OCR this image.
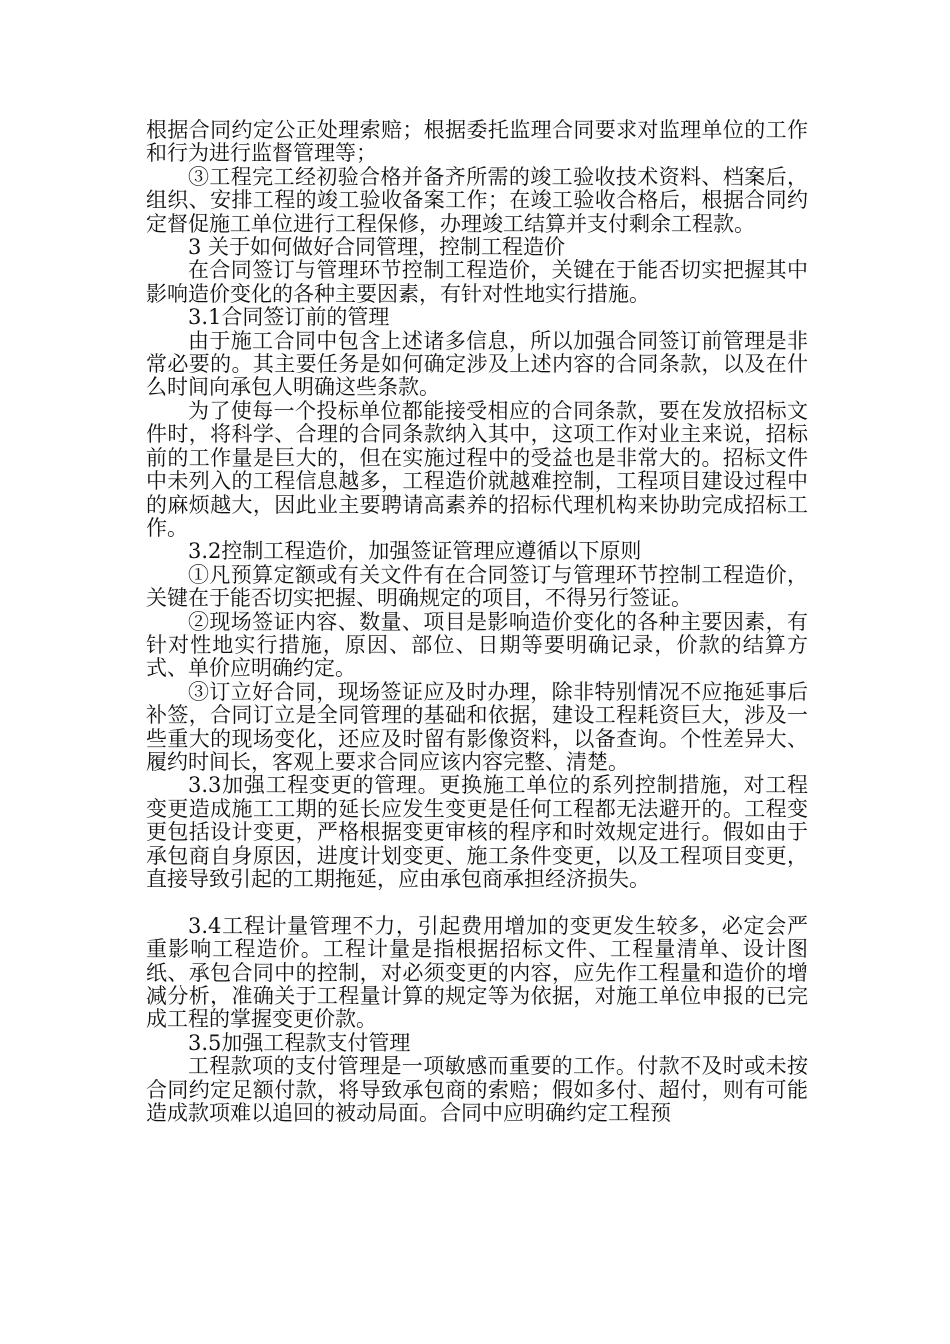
根据合同约定公正处理索赔；根据委托监理合同要求对监理单位的工作和行为进行监督管理等；

③工程完工经初验合格并备齐所需的竣工验收技术资料、档案后，组织、安排工程的竣工验收备案工作；在竣工验收合格后，根据合同约定督促施工单位进行工程保修，办理竣工结算并支付剩余工程款。

3 关于如何做好合同管理，控制工程造价

在合同签订与管理环节控制工程造价，关键在于能否切实把握其中影响造价变化的各种主要因素，有针对性地实行措施。

3.1合同签订前的管理

由于施工合同中包含上述诸多信息，所以加强合同签订前管理是非常必要的。其主要任务是如何确定涉及上述内容的合同条款，以及在什么时间向承包人明确这些条款。

为了使每一个投标单位都能接受相应的合同条款，要在发放招标文件时，将科学、合理的合同条款纳入其中，这项工作对业主来说，招标前的工作量是巨大的，但在实施过程中的受益也是非常大的。招标文件中未列入的工程信息越多，工程造价就越难控制，工程项目建设过程中的麻烦越大，因此业主要聘请高素养的招标代理机构来协助完成招标工作。

3.2控制工程造价，加强签证管理应遵循以下原则

①凡预算定额或有关文件有在合同签订与管理环节控制工程造价，关键在于能否切实把握、明确规定的项目，不得另行签证。

②现场签证内容、数量、项目是影响造价变化的各种主要因素，有针对性地实行措施，原因、部位、日期等要明确记录，价款的结算方式、单价应明确约定。

③订立好合同，现场签证应及时办理，除非特别情况不应拖延事后补签，合同订立是全同管理的基础和依据，建设工程耗资巨大，涉及一些重大的现场变化，还应及时留有影像资料，以备查询。个性差异大、履约时间长，客观上要求合同应该内容完整、清楚。

3.3加强工程变更的管理。更换施工单位的系列控制措施，对工程变更造成施工工期的延长应发生变更是任何工程都无法避开的。工程变更包括设计变更，严格根据变更审核的程序和时效规定进行。假如由于承包商自身原因，进度计划变更、施工条件变更，以及工程项目变更，直接导致引起的工期拖延，应由承包商承担经济损失。

3.4工程计量管理不力，引起费用增加的变更发生较多，必定会严重影响工程造价。工程计量是指根据招标文件、工程量清单、设计图纸、承包合同中的控制，对必须变更的内容，应先作工程量和造价的增减分析，准确关于工程量计算的规定等为依据，对施工单位申报的已完成工程的掌握变更价款。

3.5加强工程款支付管理

工程款项的支付管理是一项敏感而重要的工作。付款不及时或未按合同约定足额付款，将导致承包商的索赔；假如多付、超付，则有可能造成款项难以追回的被动局面。合同中应明确约定工程预
